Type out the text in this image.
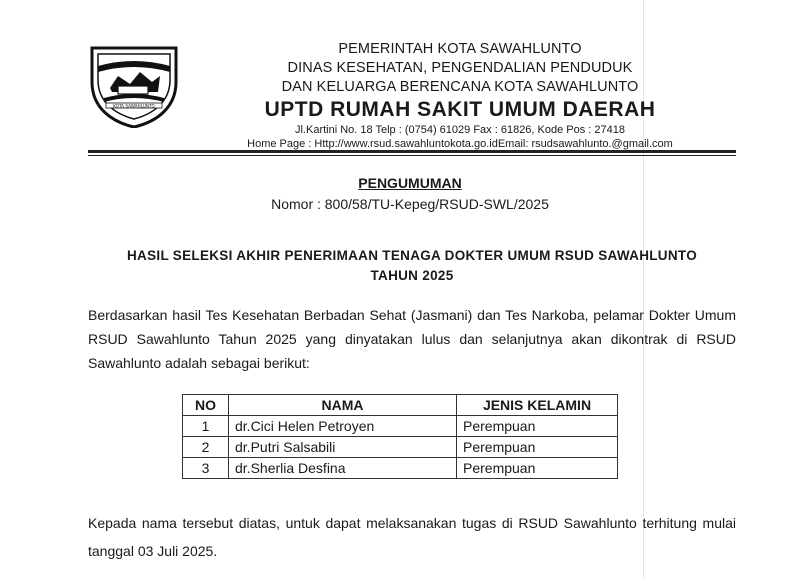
KOTA SAWAHLUNTO
PEMERINTAH KOTA SAWAHLUNTO
DINAS KESEHATAN, PENGENDALIAN PENDUDUK
DAN KELUARGA BERENCANA KOTA SAWAHLUNTO
UPTD RUMAH SAKIT UMUM DAERAH
Jl.Kartini No. 18 Telp : (0754) 61029 Fax : 61826, Kode Pos : 27418
Home Page : Http://www.rsud.sawahluntokota.go.idEmail: rsudsawahlunto.@gmail.com
PENGUMUMAN
Nomor : 800/58/TU-Kepeg/RSUD-SWL/2025
HASIL SELEKSI AKHIR PENERIMAAN TENAGA DOKTER UMUM RSUD SAWAHLUNTO
TAHUN 2025
Berdasarkan hasil Tes Kesehatan Berbadan Sehat (Jasmani) dan Tes Narkoba, pelamar Dokter Umum RSUD Sawahlunto Tahun 2025 yang dinyatakan lulus dan selanjutnya akan dikontrak di RSUD Sawahlunto adalah sebagai berikut:
NO	NAMA	JENIS KELAMIN
1	dr.Cici Helen Petroyen	Perempuan
2	dr.Putri Salsabili	Perempuan
3	dr.Sherlia Desfina	Perempuan
Kepada nama tersebut diatas, untuk dapat melaksanakan tugas di RSUD Sawahlunto terhitung mulai tanggal 03 Juli 2025.
